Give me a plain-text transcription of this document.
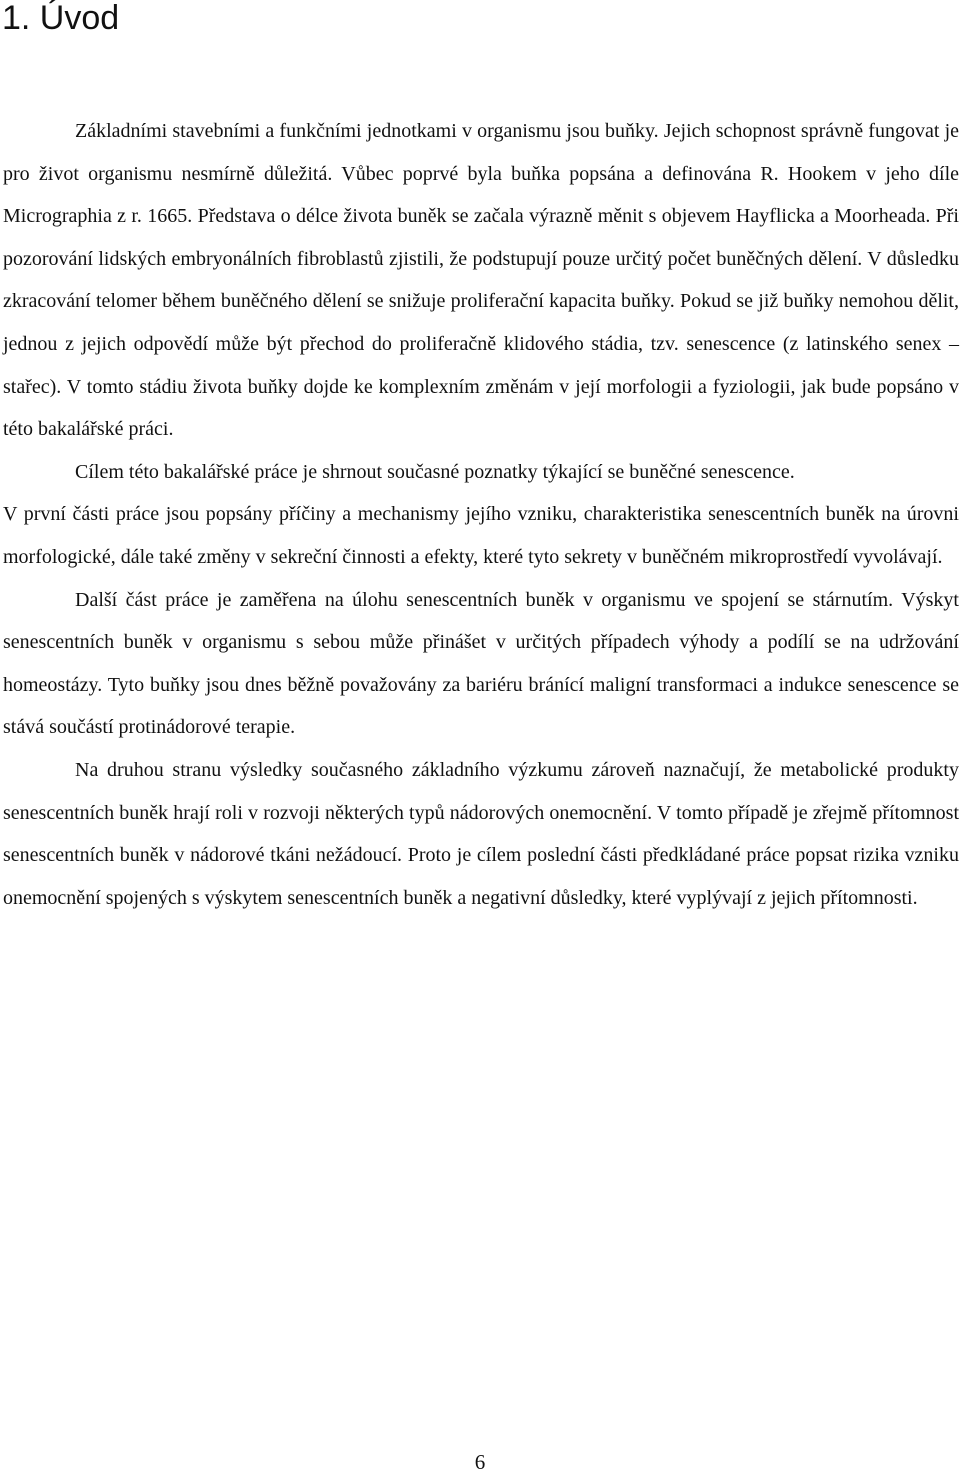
1. Úvod

Základními stavebními a funkčními jednotkami v organismu jsou buňky. Jejich schopnost správně fungovat je pro život organismu nesmírně důležitá. Vůbec poprvé byla buňka popsána a definována R. Hookem v jeho díle Micrographia z r. 1665. Představa o délce života buněk se začala výrazně měnit s objevem Hayflicka a Moorheada. Při pozorování lidských embryonálních fibroblastů zjistili, že podstupují pouze určitý počet buněčných dělení. V důsledku zkracování telomer během buněčného dělení se snižuje proliferační kapacita buňky. Pokud se již buňky nemohou dělit, jednou z jejich odpovědí může být přechod do proliferačně klidového stádia, tzv. senescence (z latinského senex – stařec). V tomto stádiu života buňky dojde ke komplexním změnám v její morfologii a fyziologii, jak bude popsáno v této bakalářské práci.

Cílem této bakalářské práce je shrnout současné poznatky týkající se buněčné senescence.

V první části práce jsou popsány příčiny a mechanismy jejího vzniku, charakteristika senescentních buněk na úrovni morfologické, dále také změny v sekreční činnosti a efekty, které tyto sekrety v buněčném mikroprostředí vyvolávají.

Další část práce je zaměřena na úlohu senescentních buněk v organismu ve spojení se stárnutím. Výskyt senescentních buněk v organismu s sebou může přinášet v určitých případech výhody a podílí se na udržování homeostázy. Tyto buňky jsou dnes běžně považovány za bariéru bránící maligní transformaci a indukce senescence se stává součástí protinádorové terapie.

Na druhou stranu výsledky současného základního výzkumu zároveň naznačují, že metabolické produkty senescentních buněk hrají roli v rozvoji některých typů nádorových onemocnění. V tomto případě je zřejmě přítomnost senescentních buněk v nádorové tkáni nežádoucí. Proto je cílem poslední části předkládané práce popsat rizika vzniku onemocnění spojených s výskytem senescentních buněk a negativní důsledky, které vyplývají z jejich přítomnosti.

6
